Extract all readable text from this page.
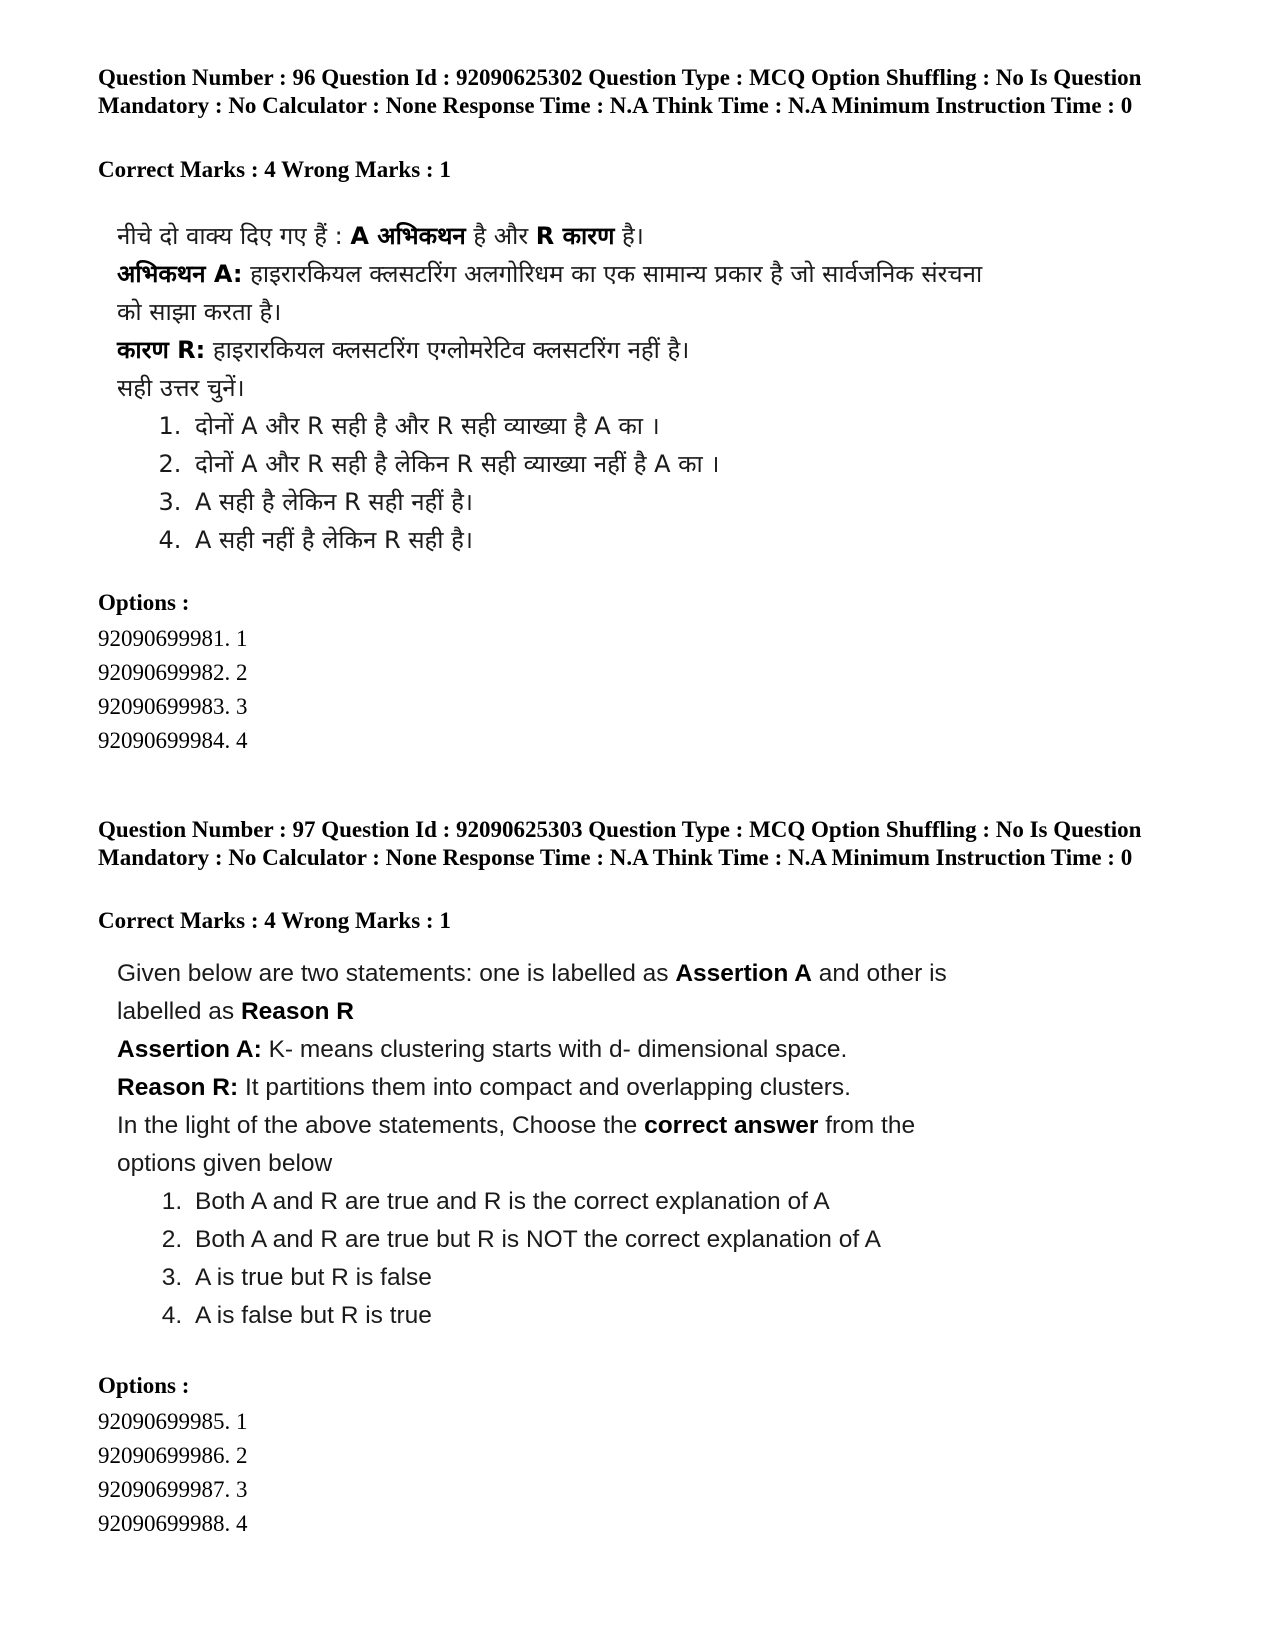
Question Number : 96 Question Id : 92090625302 Question Type : MCQ Option Shuffling : No Is Question Mandatory : No Calculator : None Response Time : N.A Think Time : N.A Minimum Instruction Time : 0
Correct Marks : 4 Wrong Marks : 1

नीचे दो वाक्य दिए गए हैं : A अभिकथन है और R कारण है।

अभिकथन A: हाइरारकियल क्लसटरिंग अलगोरिधम का एक सामान्य प्रकार है जो सार्वजनिक संरचना को साझा करता है।

कारण R: हाइरारकियल क्लसटरिंग एग्लोमरेटिव क्लसटरिंग नहीं है।

सही उत्तर चुनें।

1. दोनों A और R सही है और R सही व्याख्या है A का ।
2. दोनों A और R सही है लेकिन R सही व्याख्या नहीं है A का ।
3. A सही है लेकिन R सही नहीं है।
4. A सही नहीं है लेकिन R सही है।
Options :
92090699981. 1
92090699982. 2
92090699983. 3
92090699984. 4
Question Number : 97 Question Id : 92090625303 Question Type : MCQ Option Shuffling : No Is Question Mandatory : No Calculator : None Response Time : N.A Think Time : N.A Minimum Instruction Time : 0
Correct Marks : 4 Wrong Marks : 1

Given below are two statements: one is labelled as Assertion A and other is labelled as Reason R

Assertion A: K- means clustering starts with d- dimensional space.

Reason R: It partitions them into compact and overlapping clusters.

In the light of the above statements, Choose the correct answer from the options given below

1. Both A and R are true and R is the correct explanation of A
2. Both A and R are true but R is NOT the correct explanation of A
3. A is true but R is false
4. A is false but R is true
Options :
92090699985. 1
92090699986. 2
92090699987. 3
92090699988. 4
